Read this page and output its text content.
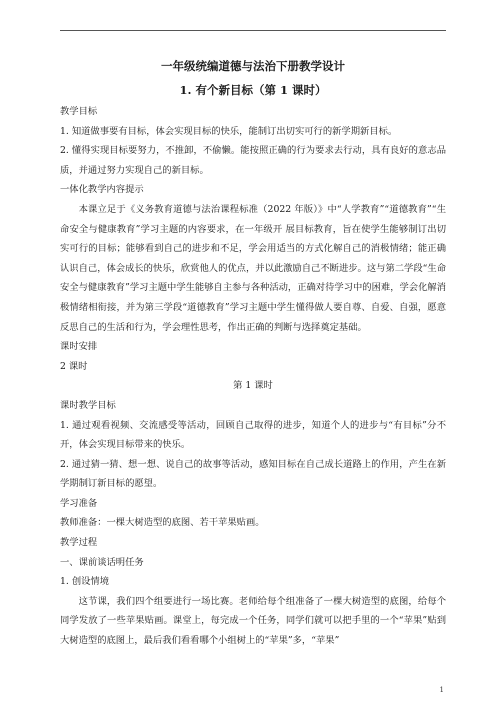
一年级统编道德与法治下册教学设计
1. 有个新目标（第 1 课时）

教学目标

1. 知道做事要有目标，体会实现目标的快乐，能制订出切实可行的新学期新目标。

2. 懂得实现目标要努力，不推卸，不偷懒。能按照正确的行为要求去行动，具有良好的意志品质，并通过努力实现自己的新目标。

一体化教学内容提示

本课立足于《义务教育道德与法治课程标准（2022 年版）》中“人学教育”“道德教育”“生命安全与健康教育”学习主题的内容要求，在一年级开 展目标教育，旨在使学生能够制订出切实可行的目标；能够看到自己的进步和不足，学会用适当的方式化解自己的消极情绪；能正确认识自己，体会成长的快乐，欣赏他人的优点，并以此激励自己不断进步。这与第二学段“生命安全与健康教育”学习主题中学生能够自主参与各种活动，正确对待学习中的困难，学会化解消极情绪相衔接，并为第三学段“道德教育”学习主题中学生懂得做人要自尊、自爱、自强，愿意反思自己的生活和行为，学会理性思考，作出正确的判断与选择奠定基础。

课时安排

2 课时

第 1 课时

课时教学目标

1. 通过观看视频、交流感受等活动，回顾自己取得的进步，知道个人的进步与“有目标”分不开，体会实现目标带来的快乐。

2. 通过猜一猜、想一想、说自己的故事等活动，感知目标在自己成长道路上的作用，产生在新学期制订新目标的愿望。

学习准备

教师准备：一棵大树造型的底图、若干苹果贴画。

教学过程

一、课前谈话明任务

1. 创设情境

这节课，我们四个组要进行一场比赛。老师给每个组准备了一棵大树造型的底图，给每个同学发放了一些苹果贴画。课堂上，每完成一个任务，同学们就可以把手里的一个“苹果”贴到大树造型的底图上，最后我们看看哪个小组树上的“苹果”多，“苹果”

1
